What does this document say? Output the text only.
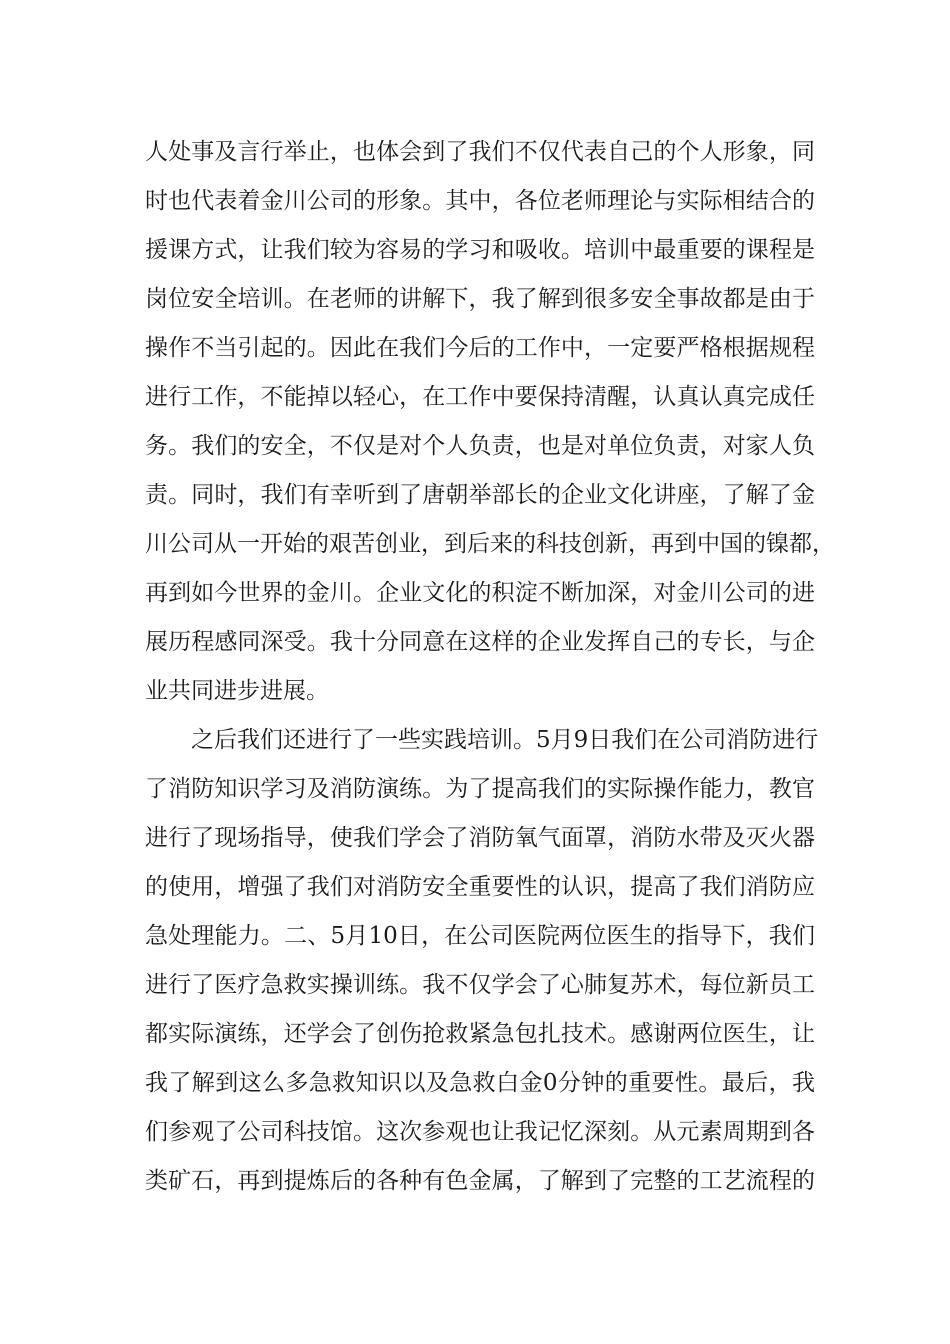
人处事及言行举止，也体会到了我们不仅代表自己的个人形象，同
时也代表着金川公司的形象。其中，各位老师理论与实际相结合的
援课方式，让我们较为容易的学习和吸收。培训中最重要的课程是
岗位安全培训。在老师的讲解下，我了解到很多安全事故都是由于
操作不当引起的。因此在我们今后的工作中，一定要严格根据规程
进行工作，不能掉以轻心，在工作中要保持清醒，认真认真完成任
务。我们的安全，不仅是对个人负责，也是对单位负责，对家人负
责。同时，我们有幸听到了唐朝举部长的企业文化讲座，了解了金
川公司从一开始的艰苦创业，到后来的科技创新，再到中国的镍都，
再到如今世界的金川。企业文化的积淀不断加深，对金川公司的进
展历程感同深受。我十分同意在这样的企业发挥自己的专长，与企
业共同进步进展。
之后我们还进行了一些实践培训。5月9日我们在公司消防进行
了消防知识学习及消防演练。为了提高我们的实际操作能力，教官
进行了现场指导，使我们学会了消防氧气面罩，消防水带及灭火器
的使用，增强了我们对消防安全重要性的认识，提高了我们消防应
急处理能力。二、5月10日，在公司医院两位医生的指导下，我们
进行了医疗急救实操训练。我不仅学会了心肺复苏术，每位新员工
都实际演练，还学会了创伤抢救紧急包扎技术。感谢两位医生，让
我了解到这么多急救知识以及急救白金0分钟的重要性。最后，我
们参观了公司科技馆。这次参观也让我记忆深刻。从元素周期到各
类矿石，再到提炼后的各种有色金属，了解到了完整的工艺流程的
